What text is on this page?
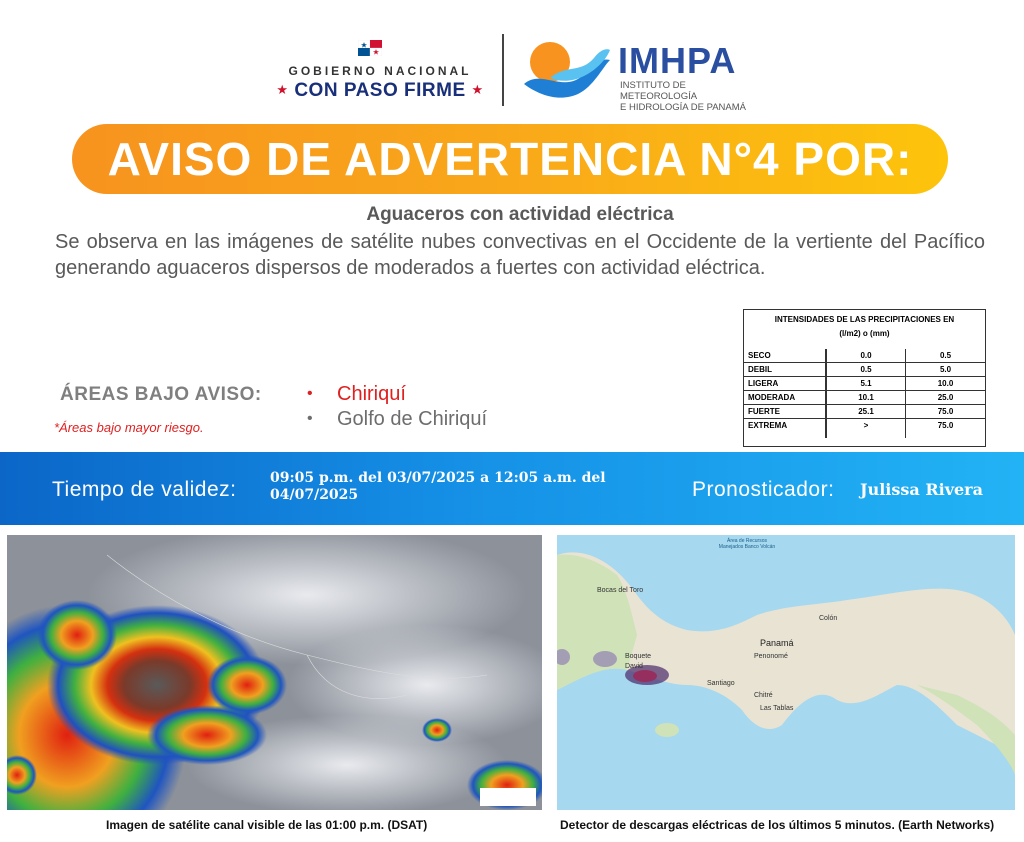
GOBIERNO NACIONAL
★ CON PASO FIRME ★
IMHPA
INSTITUTO DE METEOROLOGÍA
E HIDROLOGÍA DE PANAMÁ
AVISO DE ADVERTENCIA N°4 POR:
Aguaceros con actividad eléctrica
Se observa en las imágenes de satélite nubes convectivas en el Occidente de la vertiente del Pacífico generando aguaceros dispersos de moderados a fuertes con actividad eléctrica.
INTENSIDADES DE LAS PRECIPITACIONES EN
(l/m2) o (mm)
SECO	0.0	0.5
DEBIL	0.5	5.0
LIGERA	5.1	10.0
MODERADA	10.1	25.0
FUERTE	25.1	75.0
EXTREMA	>	75.0
ÁREAS BAJO AVISO:
*Áreas bajo mayor riesgo.
• Chiriquí
• Golfo de Chiriquí
Tiempo de validez: 09:05 p.m. del 03/07/2025 a 12:05 a.m. del 04/07/2025	Pronosticador: Julissa Rivera
Área de Recursos Manejados Banco Volcán
Bocas del Toro
Panamá
Colón
Santiago
Penonomé
Chitré
Las Tablas
Boquete
David
Imagen de satélite canal visible de las 01:00 p.m. (DSAT)	Detector de descargas eléctricas de los últimos 5 minutos. (Earth Networks)
